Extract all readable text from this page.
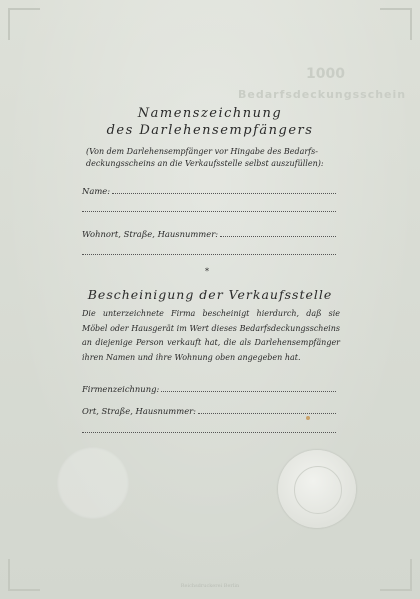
1000
Bedarfsdeckungsschein
Namenszeichnung
des Darlehensempfängers
(Von dem Darlehensempfänger vor Hingabe des Bedarfsdeckungsscheins an die Verkaufsstelle selbst auszufüllen):
Name:
Wohnort, Straße, Hausnummer:
*
Bescheinigung der Verkaufsstelle
Die unterzeichnete Firma bescheinigt hierdurch, daß sie Möbel oder Hausgerät im Wert dieses Bedarfsdeckungsscheins an diejenige Person verkauft hat, die als Darlehensempfänger ihren Namen und ihre Wohnung oben angegeben hat.
Firmenzeichnung:
Ort, Straße, Hausnummer:
Reichsdruckerei Berlin
